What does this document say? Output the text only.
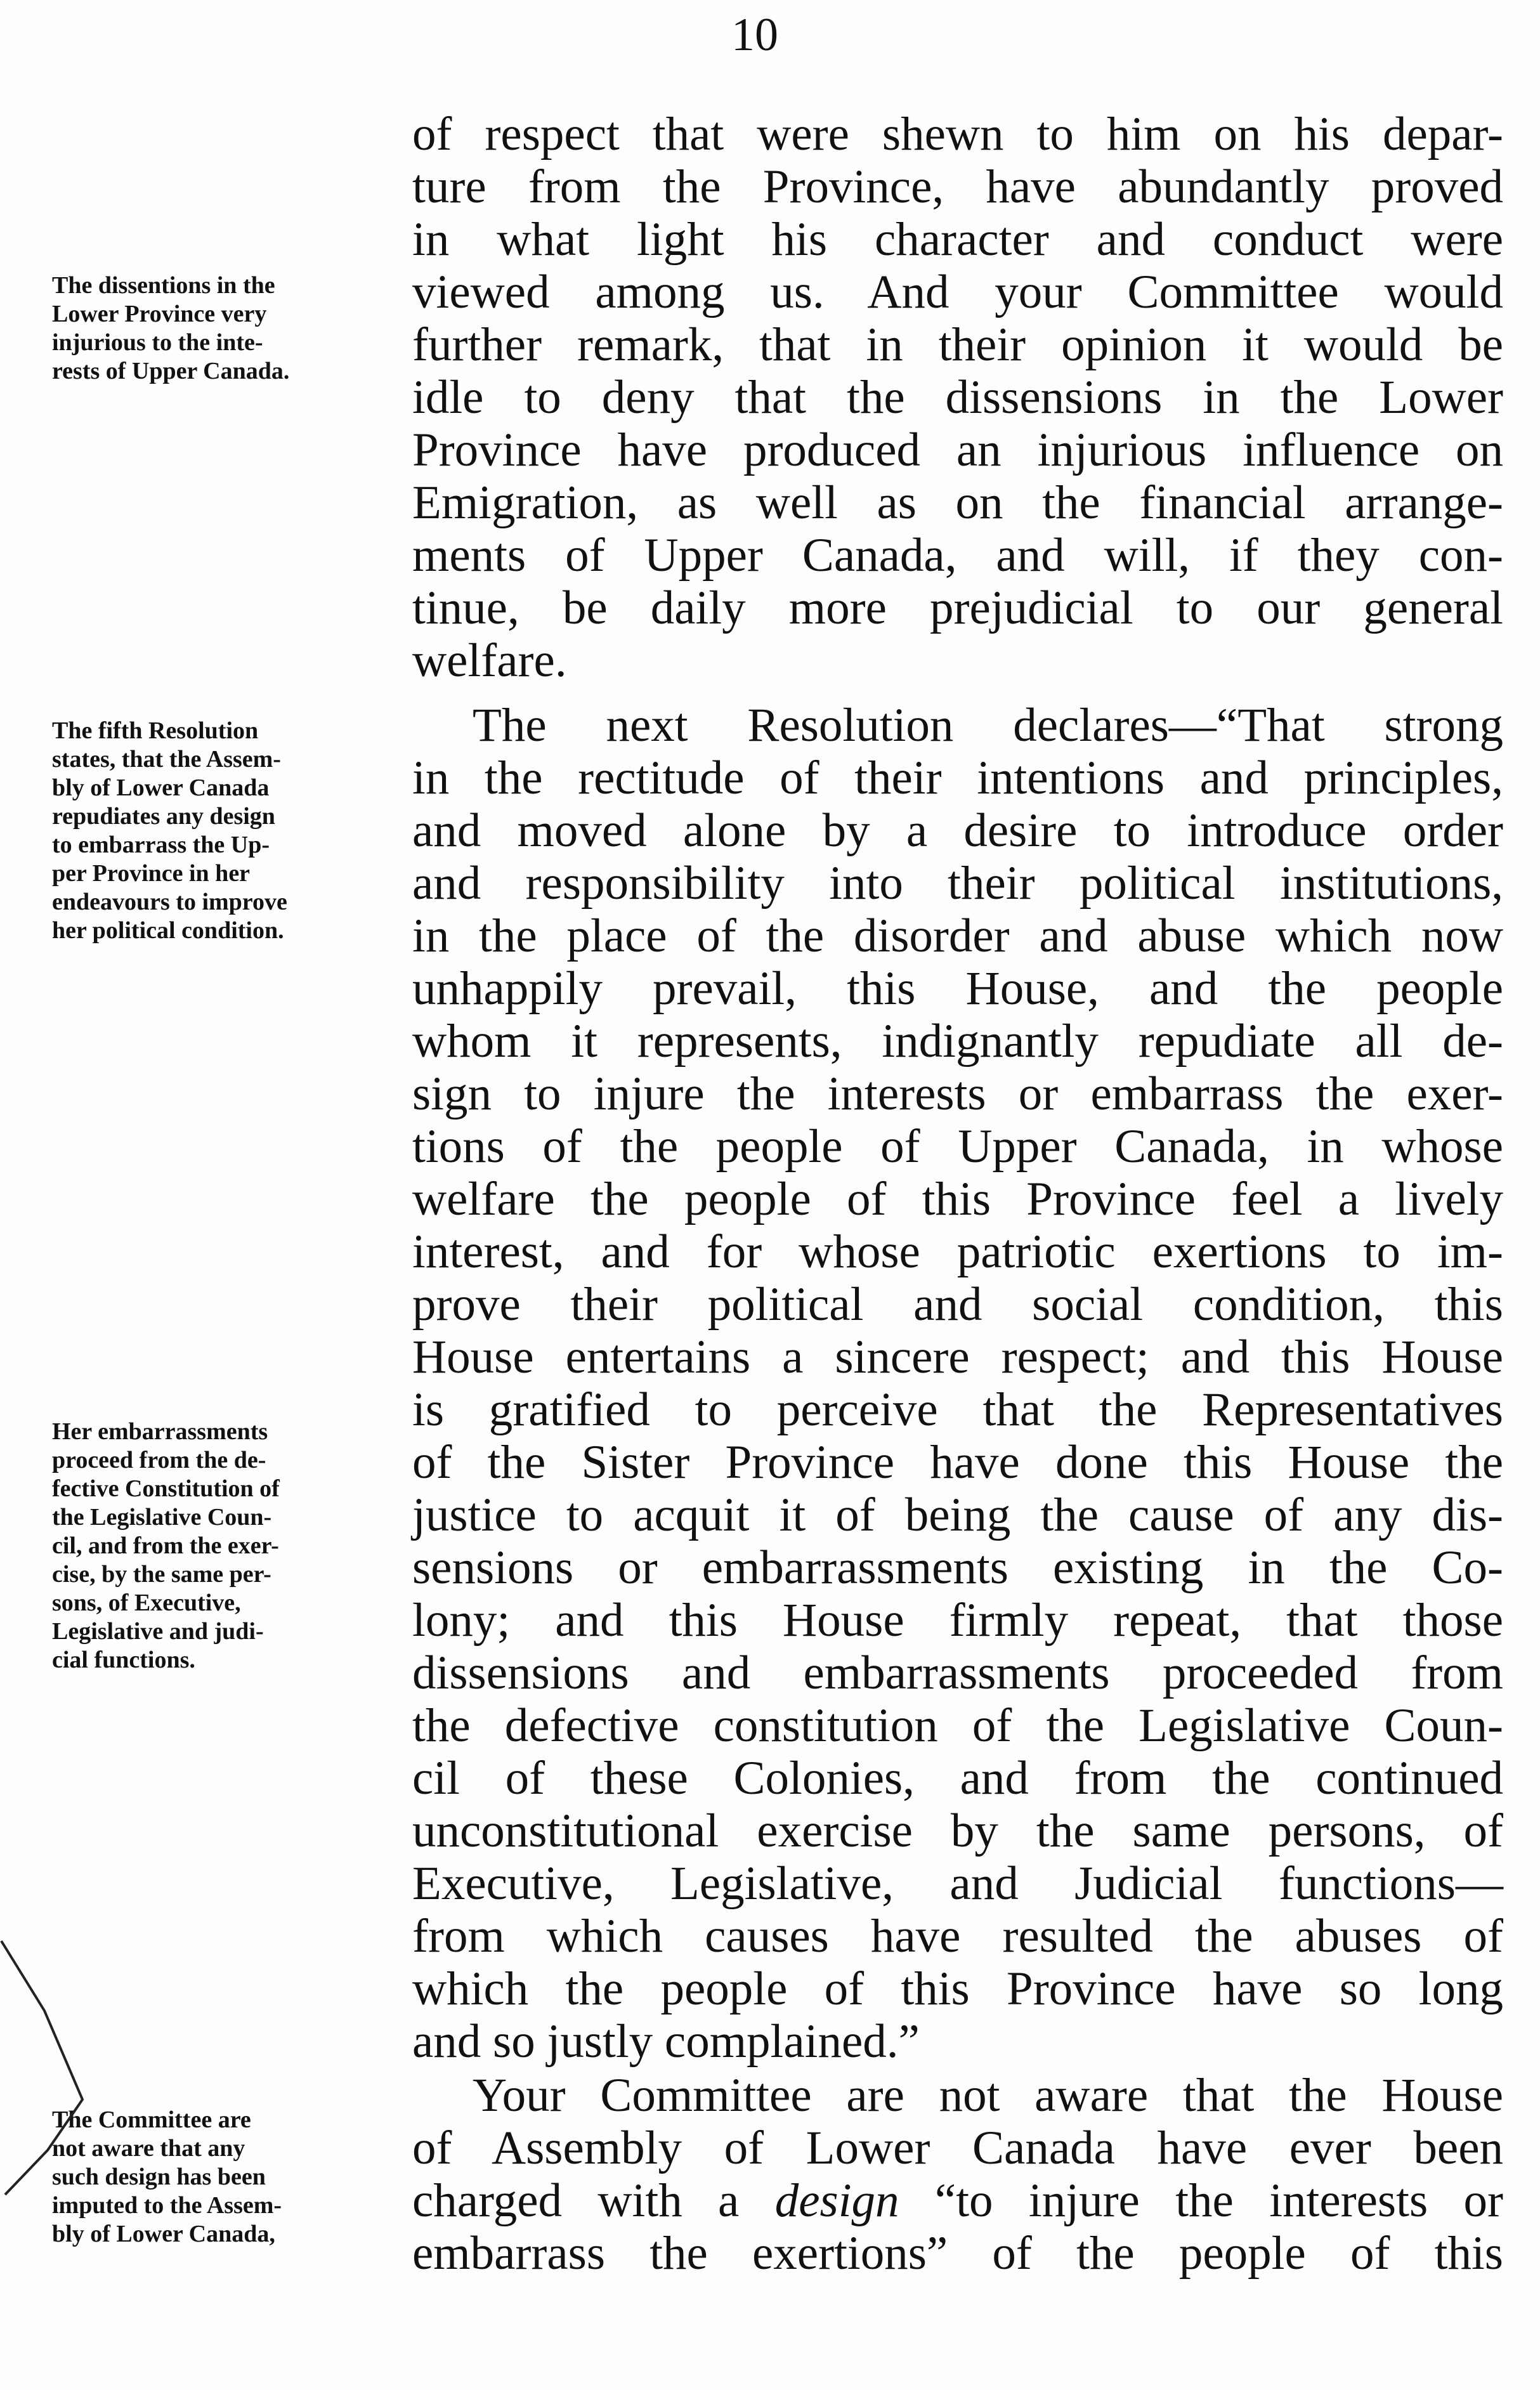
10
of respect that were shewn to him on his depar-
ture from the Province, have abundantly proved
in what light his character and conduct were
viewed among us. And your Committee would
further remark, that in their opinion it would be
idle to deny that the dissensions in the Lower
Province have produced an injurious influence on
Emigration, as well as on the financial arrange-
ments of Upper Canada, and will, if they con-
tinue, be daily more prejudicial to our general
welfare.
The next Resolution declares—“That strong
in the rectitude of their intentions and principles,
and moved alone by a desire to introduce order
and responsibility into their political institutions,
in the place of the disorder and abuse which now
unhappily prevail, this House, and the people
whom it represents, indignantly repudiate all de-
sign to injure the interests or embarrass the exer-
tions of the people of Upper Canada, in whose
welfare the people of this Province feel a lively
interest, and for whose patriotic exertions to im-
prove their political and social condition, this
House entertains a sincere respect; and this House
is gratified to perceive that the Representatives
of the Sister Province have done this House the
justice to acquit it of being the cause of any dis-
sensions or embarrassments existing in the Co-
lony; and this House firmly repeat, that those
dissensions and embarrassments proceeded from
the defective constitution of the Legislative Coun-
cil of these Colonies, and from the continued
unconstitutional exercise by the same persons, of
Executive, Legislative, and Judicial functions—
from which causes have resulted the abuses of
which the people of this Province have so long
and so justly complained.”
Your Committee are not aware that the House
of Assembly of Lower Canada have ever been
charged with a design “to injure the interests or
embarrass the exertions” of the people of this
The dissentions in the
Lower Province very
injurious to the inte-
rests of Upper Canada.
The fifth Resolution
states, that the Assem-
bly of Lower Canada
repudiates any design
to embarrass the Up-
per Province in her
endeavours to improve
her political condition.
Her embarrassments
proceed from the de-
fective Constitution of
the Legislative Coun-
cil, and from the exer-
cise, by the same per-
sons, of Executive,
Legislative and judi-
cial functions.
The Committee are
not aware that any
such design has been
imputed to the Assem-
bly of Lower Canada,
